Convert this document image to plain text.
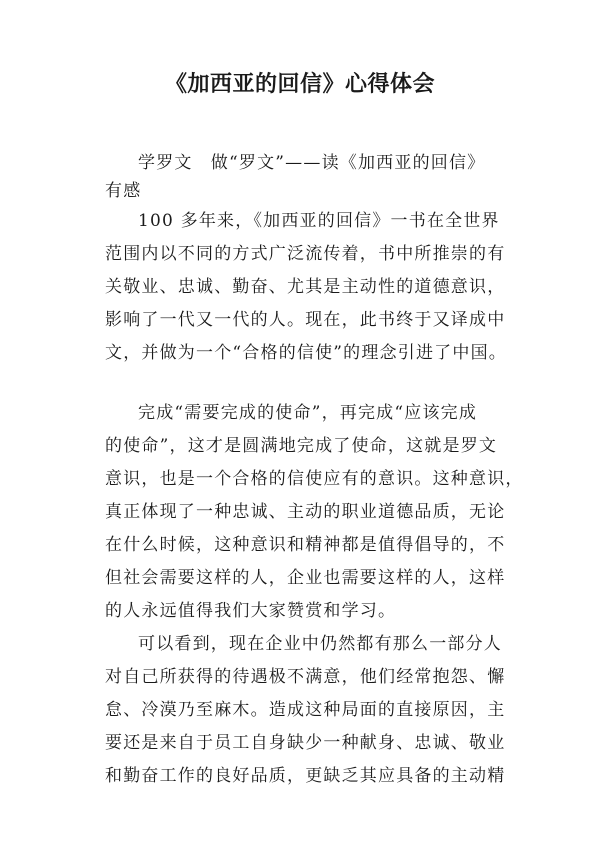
《加西亚的回信》心得体会
学罗文　做“罗文”——读《加西亚的回信》
有感
100 多年来，《加西亚的回信》一书在全世界
范围内以不同的方式广泛流传着，书中所推崇的有
关敬业、忠诚、勤奋、尤其是主动性的道德意识，
影响了一代又一代的人。现在，此书终于又译成中
文，并做为一个“合格的信使”的理念引进了中国。
完成“需要完成的使命”，再完成“应该完成
的使命”，这才是圆满地完成了使命，这就是罗文
意识，也是一个合格的信使应有的意识。这种意识，
真正体现了一种忠诚、主动的职业道德品质，无论
在什么时候，这种意识和精神都是值得倡导的，不
但社会需要这样的人，企业也需要这样的人，这样
的人永远值得我们大家赞赏和学习。
可以看到，现在企业中仍然都有那么一部分人
对自己所获得的待遇极不满意，他们经常抱怨、懈
怠、冷漠乃至麻木。造成这种局面的直接原因，主
要还是来自于员工自身缺少一种献身、忠诚、敬业
和勤奋工作的良好品质，更缺乏其应具备的主动精
